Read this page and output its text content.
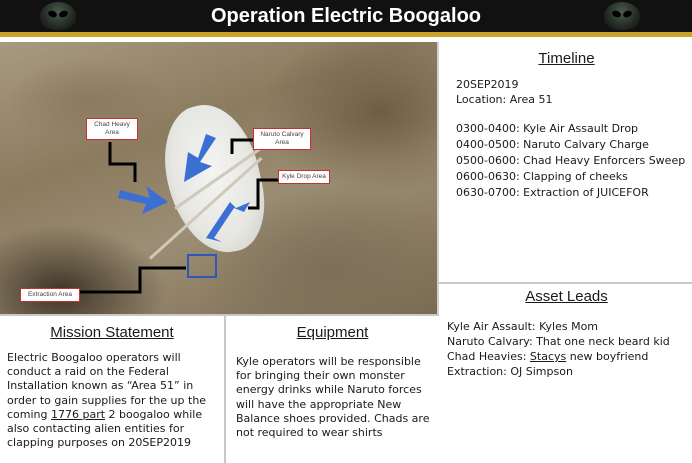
Operation Electric Boogaloo
Chad Heavy Area	Naruto Calvary Area
Kyle Drop Area
Extraction Area
Timeline
20SEP2019
Location: Area 51
0300-0400: Kyle Air Assault Drop
0400-0500: Naruto Calvary Charge
0500-0600: Chad Heavy Enforcers Sweep
0600-0630: Clapping of cheeks
0630-0700: Extraction of JUICEFOR
Asset Leads
Kyle Air Assault: Kyles Mom
Naruto Calvary: That one neck beard kid
Chad Heavies: Stacys new boyfriend
Extraction: OJ Simpson
Mission Statement
Electric Boogaloo operators will conduct a raid on the Federal Installation known as “Area 51” in order to gain supplies for the up the coming 1776 part 2 boogaloo while also contacting alien entities for clapping purposes on 20SEP2019
Equipment
Kyle operators will be responsible for bringing their own monster energy drinks while Naruto forces will have the appropriate New Balance shoes provided. Chads are not required to wear shirts
